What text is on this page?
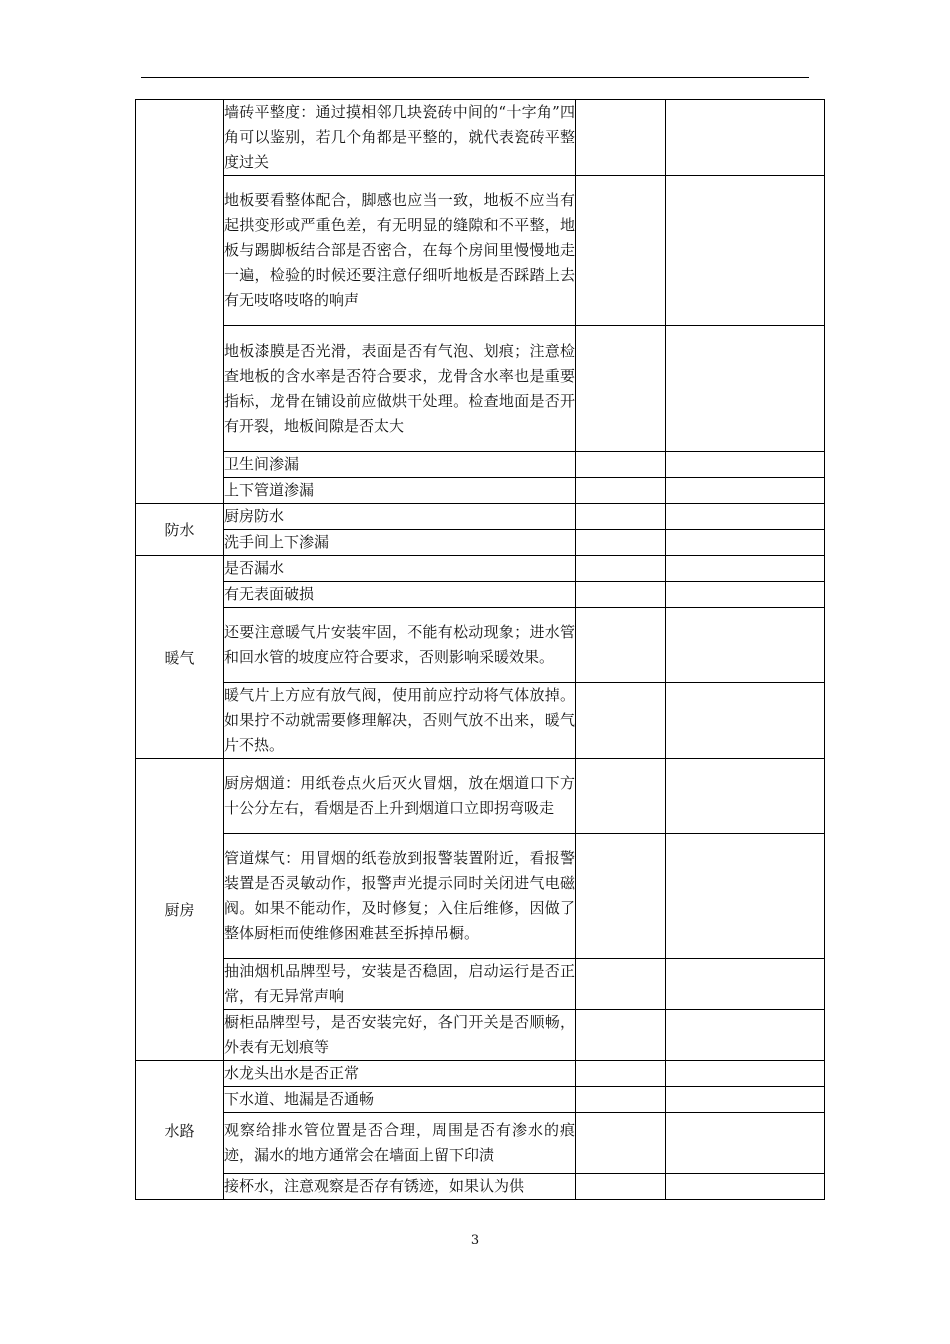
	墙砖平整度：通过摸相邻几块瓷砖中间的“十字角”四角可以鉴别，若几个角都是平整的，就代表瓷砖平整度过关		

	地板要看整体配合，脚感也应当一致，地板不应当有起拱变形或严重色差，有无明显的缝隙和不平整，地板与踢脚板结合部是否密合，在每个房间里慢慢地走一遍，检验的时候还要注意仔细听地板是否踩踏上去有无吱咯吱咯的响声		

	地板漆膜是否光滑，表面是否有气泡、划痕；注意检查地板的含水率是否符合要求，龙骨含水率也是重要指标，龙骨在铺设前应做烘干处理。检查地面是否开有开裂，地板间隙是否太大		

	卫生间渗漏		

	上下管道渗漏		

防水	厨房防水		

	洗手间上下渗漏		

暖气	是否漏水		

	有无表面破损		

	还要注意暖气片安装牢固，不能有松动现象；进水管和回水管的坡度应符合要求，否则影响采暖效果。		

	暖气片上方应有放气阀，使用前应拧动将气体放掉。如果拧不动就需要修理解决，否则气放不出来，暖气片不热。		

厨房	厨房烟道：用纸卷点火后灭火冒烟，放在烟道口下方十公分左右，看烟是否上升到烟道口立即拐弯吸走		

	管道煤气：用冒烟的纸卷放到报警装置附近，看报警装置是否灵敏动作，报警声光提示同时关闭进气电磁阀。如果不能动作，及时修复；入住后维修，因做了整体厨柜而使维修困难甚至拆掉吊橱。		

	抽油烟机品牌型号，安装是否稳固，启动运行是否正常，有无异常声响		

	橱柜品牌型号，是否安装完好，各门开关是否顺畅，外表有无划痕等		

水路	水龙头出水是否正常		

	下水道、地漏是否通畅		

	观察给排水管位置是否合理，周围是否有渗水的痕迹，漏水的地方通常会在墙面上留下印渍		

	接杯水，注意观察是否存有锈迹，如果认为供		

3
